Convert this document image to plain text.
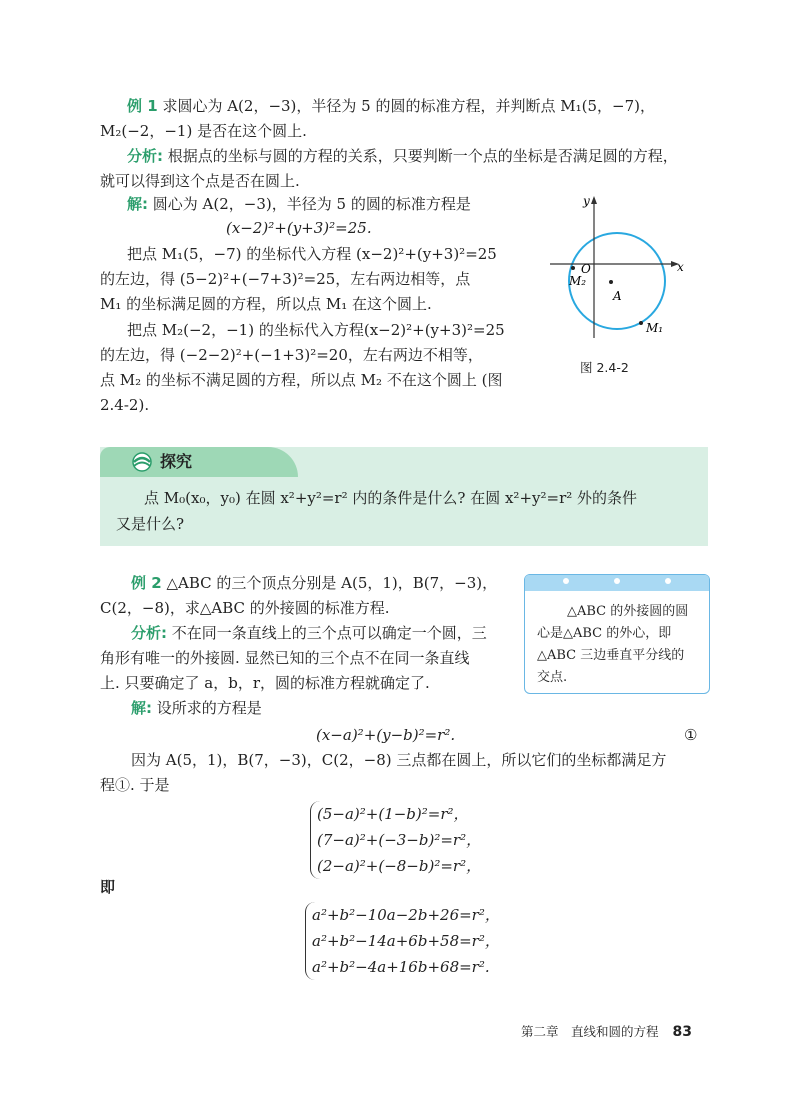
例 1 求圆心为 A(2，−3)，半径为 5 的圆的标准方程，并判断点 M₁(5，−7)，

M₂(−2，−1) 是否在这个圆上.

分析: 根据点的坐标与圆的方程的关系，只要判断一个点的坐标是否满足圆的方程，

就可以得到这个点是否在圆上.

解: 圆心为 A(2，−3)，半径为 5 的圆的标准方程是

(x−2)²+(y+3)²=25.

把点 M₁(5，−7) 的坐标代入方程 (x−2)²+(y+3)²=25

的左边，得 (5−2)²+(−7+3)²=25，左右两边相等，点

M₁ 的坐标满足圆的方程，所以点 M₁ 在这个圆上.

把点 M₂(−2，−1) 的坐标代入方程(x−2)²+(y+3)²=25

的左边，得 (−2−2)²+(−1+3)²=20，左右两边不相等，

点 M₂ 的坐标不满足圆的方程，所以点 M₂ 不在这个圆上 (图

2.4-2).

y
x
O
M₂
A
M₁
图 2.4-2
探究

点 M₀(x₀，y₀) 在圆 x²+y²=r² 内的条件是什么? 在圆 x²+y²=r² 外的条件

又是什么?

例 2 △ABC 的三个顶点分别是 A(5，1)，B(7，−3)，

C(2，−8)，求△ABC 的外接圆的标准方程.

分析: 不在同一条直线上的三个点可以确定一个圆，三

角形有唯一的外接圆. 显然已知的三个点不在同一条直线

上. 只要确定了 a，b，r，圆的标准方程就确定了.

解: 设所求的方程是

(x−a)²+(y−b)²=r².	①

因为 A(5，1)，B(7，−3)，C(2，−8) 三点都在圆上，所以它们的坐标都满足方

程①. 于是

(5−a)²+(1−b)²=r²，
(7−a)²+(−3−b)²=r²，
(2−a)²+(−8−b)²=r²，

即

a²+b²−10a−2b+26=r²，
a²+b²−14a+6b+58=r²，
a²+b²−4a+16b+68=r².
△ABC 的外接圆的圆
心是△ABC 的外心，即
△ABC 三边垂直平分线的
交点.
第二章　直线和圆的方程 83
